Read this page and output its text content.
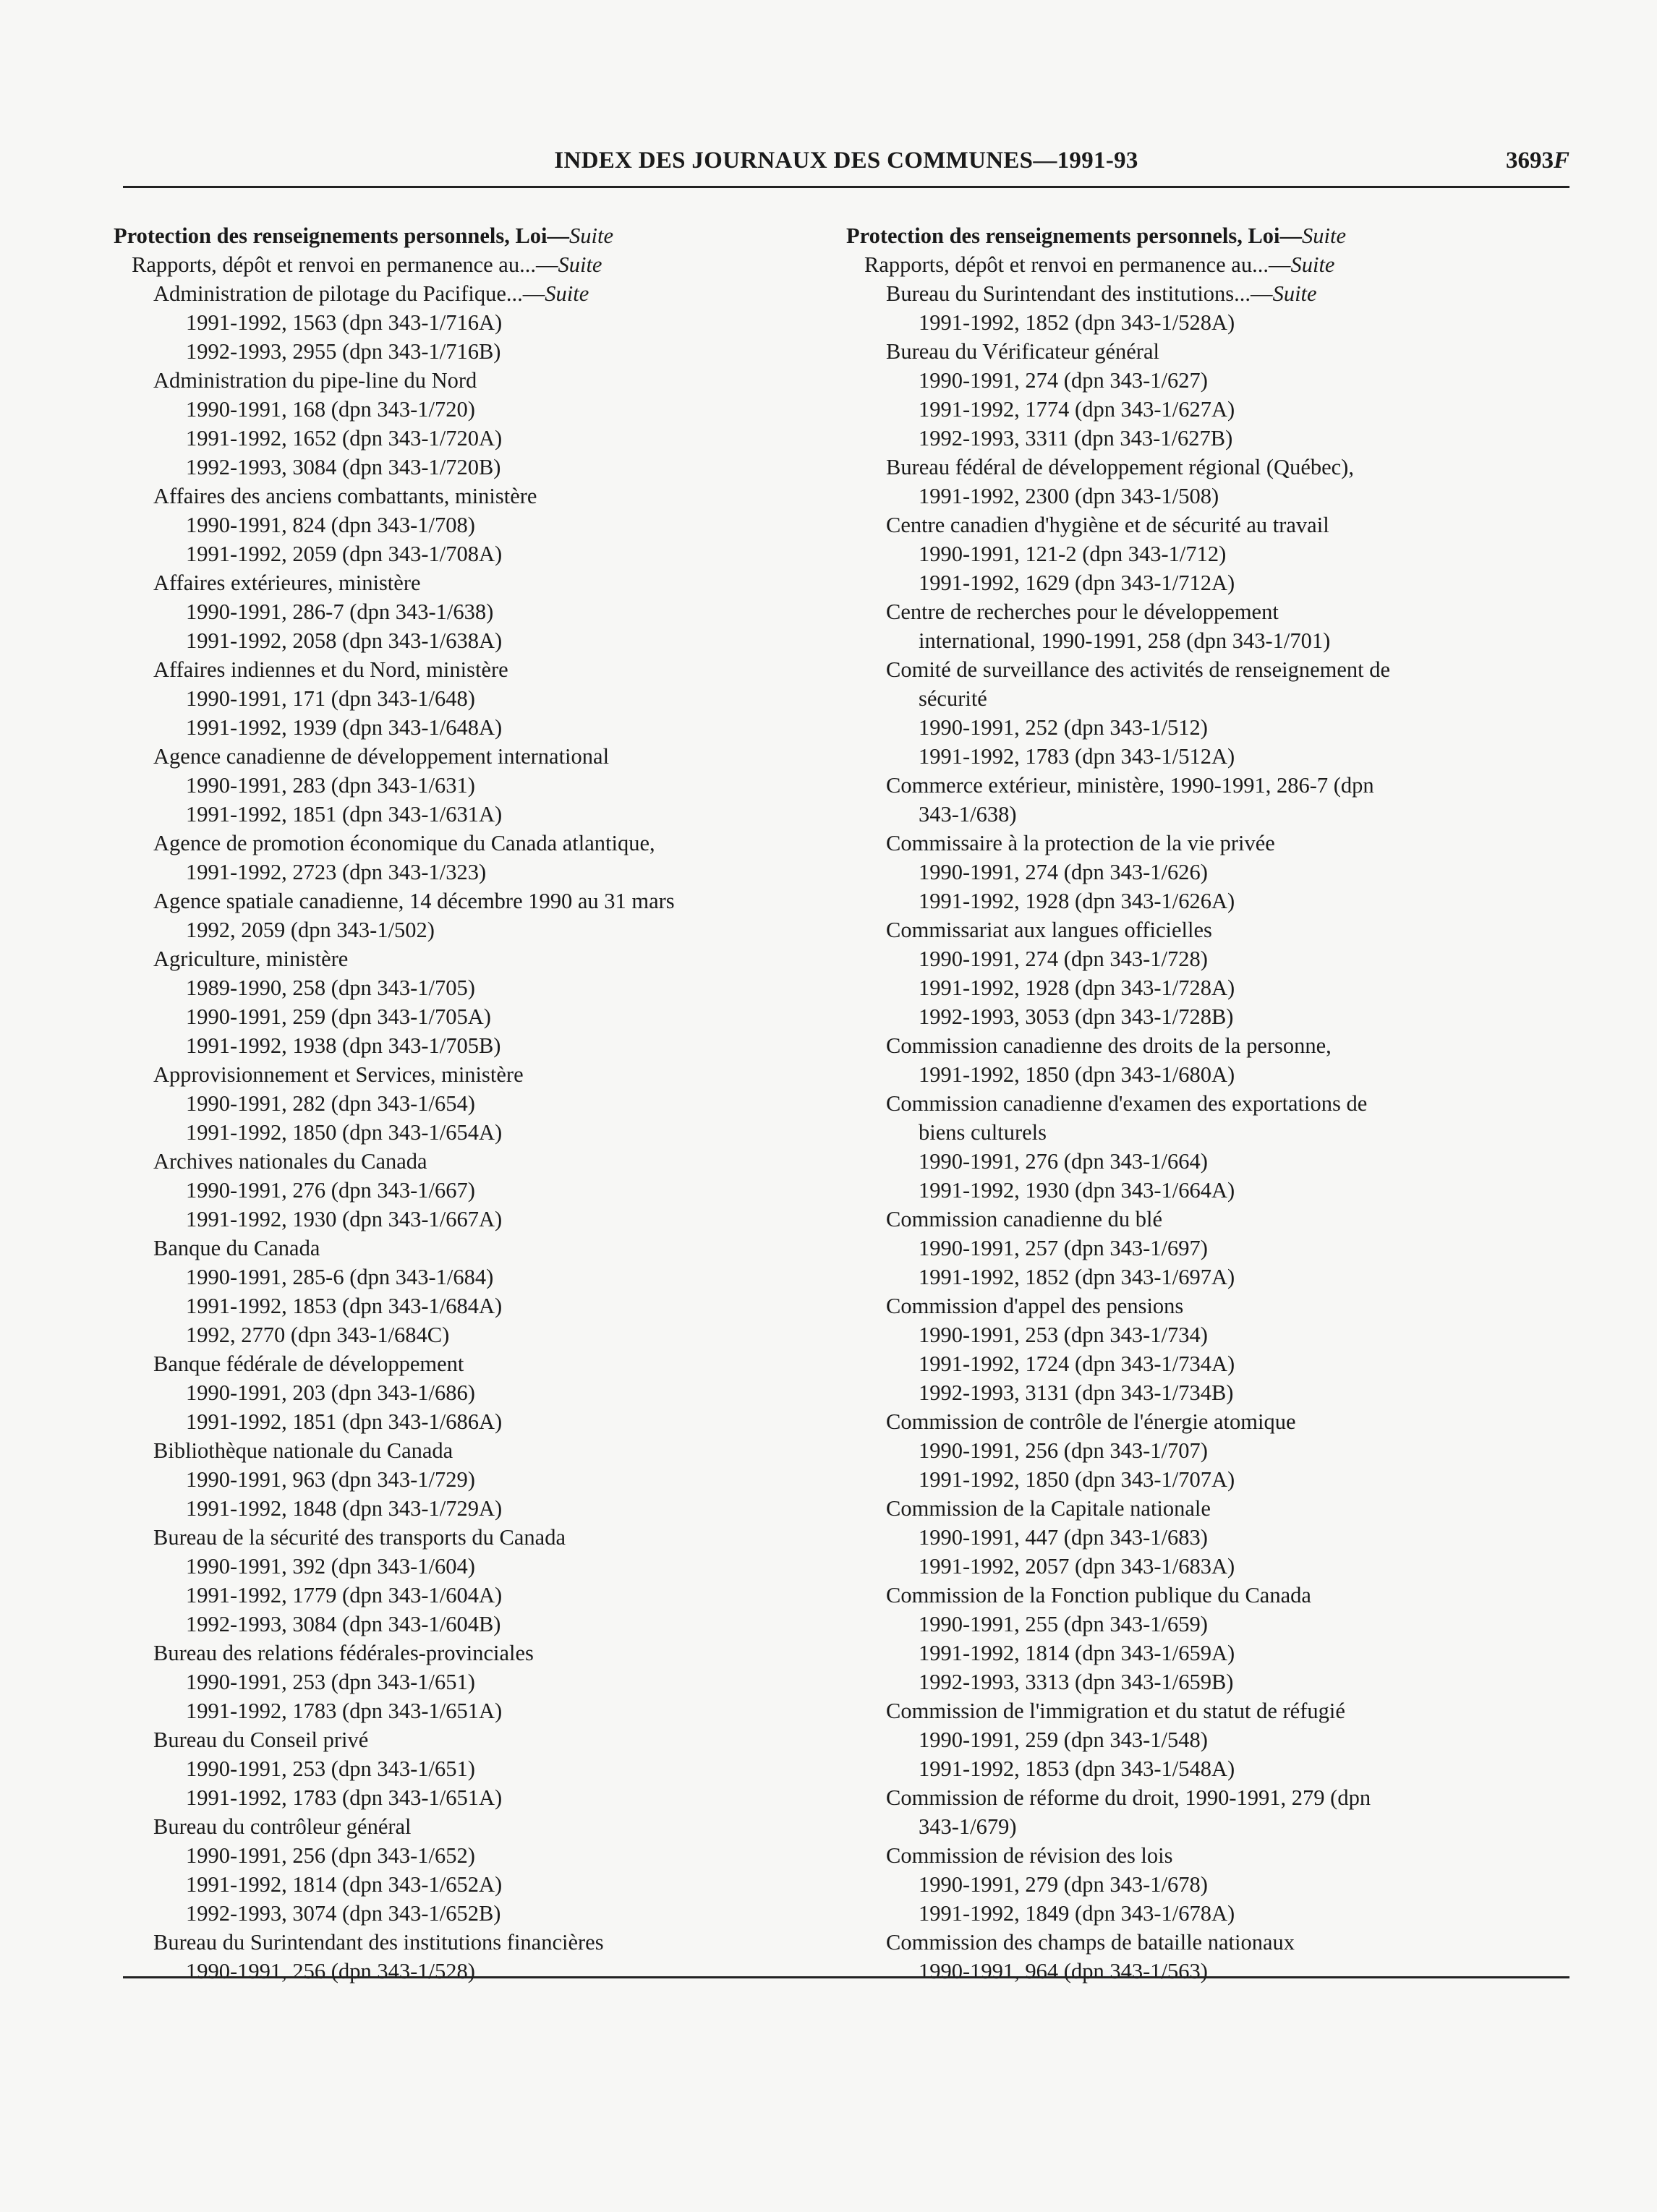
INDEX DES JOURNAUX DES COMMUNES—1991-93	3693F
Protection des renseignements personnels, Loi—Suite
Rapports, dépôt et renvoi en permanence au...—Suite
Administration de pilotage du Pacifique...—Suite
1991-1992, 1563 (dpn 343-1/716A)
1992-1993, 2955 (dpn 343-1/716B)
Administration du pipe-line du Nord
1990-1991, 168 (dpn 343-1/720)
1991-1992, 1652 (dpn 343-1/720A)
1992-1993, 3084 (dpn 343-1/720B)
Affaires des anciens combattants, ministère
1990-1991, 824 (dpn 343-1/708)
1991-1992, 2059 (dpn 343-1/708A)
Affaires extérieures, ministère
1990-1991, 286-7 (dpn 343-1/638)
1991-1992, 2058 (dpn 343-1/638A)
Affaires indiennes et du Nord, ministère
1990-1991, 171 (dpn 343-1/648)
1991-1992, 1939 (dpn 343-1/648A)
Agence canadienne de développement international
1990-1991, 283 (dpn 343-1/631)
1991-1992, 1851 (dpn 343-1/631A)
Agence de promotion économique du Canada atlantique,
1991-1992, 2723 (dpn 343-1/323)
Agence spatiale canadienne, 14 décembre 1990 au 31 mars
1992, 2059 (dpn 343-1/502)
Agriculture, ministère
1989-1990, 258 (dpn 343-1/705)
1990-1991, 259 (dpn 343-1/705A)
1991-1992, 1938 (dpn 343-1/705B)
Approvisionnement et Services, ministère
1990-1991, 282 (dpn 343-1/654)
1991-1992, 1850 (dpn 343-1/654A)
Archives nationales du Canada
1990-1991, 276 (dpn 343-1/667)
1991-1992, 1930 (dpn 343-1/667A)
Banque du Canada
1990-1991, 285-6 (dpn 343-1/684)
1991-1992, 1853 (dpn 343-1/684A)
1992, 2770 (dpn 343-1/684C)
Banque fédérale de développement
1990-1991, 203 (dpn 343-1/686)
1991-1992, 1851 (dpn 343-1/686A)
Bibliothèque nationale du Canada
1990-1991, 963 (dpn 343-1/729)
1991-1992, 1848 (dpn 343-1/729A)
Bureau de la sécurité des transports du Canada
1990-1991, 392 (dpn 343-1/604)
1991-1992, 1779 (dpn 343-1/604A)
1992-1993, 3084 (dpn 343-1/604B)
Bureau des relations fédérales-provinciales
1990-1991, 253 (dpn 343-1/651)
1991-1992, 1783 (dpn 343-1/651A)
Bureau du Conseil privé
1990-1991, 253 (dpn 343-1/651)
1991-1992, 1783 (dpn 343-1/651A)
Bureau du contrôleur général
1990-1991, 256 (dpn 343-1/652)
1991-1992, 1814 (dpn 343-1/652A)
1992-1993, 3074 (dpn 343-1/652B)
Bureau du Surintendant des institutions financières
1990-1991, 256 (dpn 343-1/528)
Protection des renseignements personnels, Loi—Suite
Rapports, dépôt et renvoi en permanence au...—Suite
Bureau du Surintendant des institutions...—Suite
1991-1992, 1852 (dpn 343-1/528A)
Bureau du Vérificateur général
1990-1991, 274 (dpn 343-1/627)
1991-1992, 1774 (dpn 343-1/627A)
1992-1993, 3311 (dpn 343-1/627B)
Bureau fédéral de développement régional (Québec),
1991-1992, 2300 (dpn 343-1/508)
Centre canadien d'hygiène et de sécurité au travail
1990-1991, 121-2 (dpn 343-1/712)
1991-1992, 1629 (dpn 343-1/712A)
Centre de recherches pour le développement
international, 1990-1991, 258 (dpn 343-1/701)
Comité de surveillance des activités de renseignement de
sécurité
1990-1991, 252 (dpn 343-1/512)
1991-1992, 1783 (dpn 343-1/512A)
Commerce extérieur, ministère, 1990-1991, 286-7 (dpn
343-1/638)
Commissaire à la protection de la vie privée
1990-1991, 274 (dpn 343-1/626)
1991-1992, 1928 (dpn 343-1/626A)
Commissariat aux langues officielles
1990-1991, 274 (dpn 343-1/728)
1991-1992, 1928 (dpn 343-1/728A)
1992-1993, 3053 (dpn 343-1/728B)
Commission canadienne des droits de la personne,
1991-1992, 1850 (dpn 343-1/680A)
Commission canadienne d'examen des exportations de
biens culturels
1990-1991, 276 (dpn 343-1/664)
1991-1992, 1930 (dpn 343-1/664A)
Commission canadienne du blé
1990-1991, 257 (dpn 343-1/697)
1991-1992, 1852 (dpn 343-1/697A)
Commission d'appel des pensions
1990-1991, 253 (dpn 343-1/734)
1991-1992, 1724 (dpn 343-1/734A)
1992-1993, 3131 (dpn 343-1/734B)
Commission de contrôle de l'énergie atomique
1990-1991, 256 (dpn 343-1/707)
1991-1992, 1850 (dpn 343-1/707A)
Commission de la Capitale nationale
1990-1991, 447 (dpn 343-1/683)
1991-1992, 2057 (dpn 343-1/683A)
Commission de la Fonction publique du Canada
1990-1991, 255 (dpn 343-1/659)
1991-1992, 1814 (dpn 343-1/659A)
1992-1993, 3313 (dpn 343-1/659B)
Commission de l'immigration et du statut de réfugié
1990-1991, 259 (dpn 343-1/548)
1991-1992, 1853 (dpn 343-1/548A)
Commission de réforme du droit, 1990-1991, 279 (dpn
343-1/679)
Commission de révision des lois
1990-1991, 279 (dpn 343-1/678)
1991-1992, 1849 (dpn 343-1/678A)
Commission des champs de bataille nationaux
1990-1991, 964 (dpn 343-1/563)
